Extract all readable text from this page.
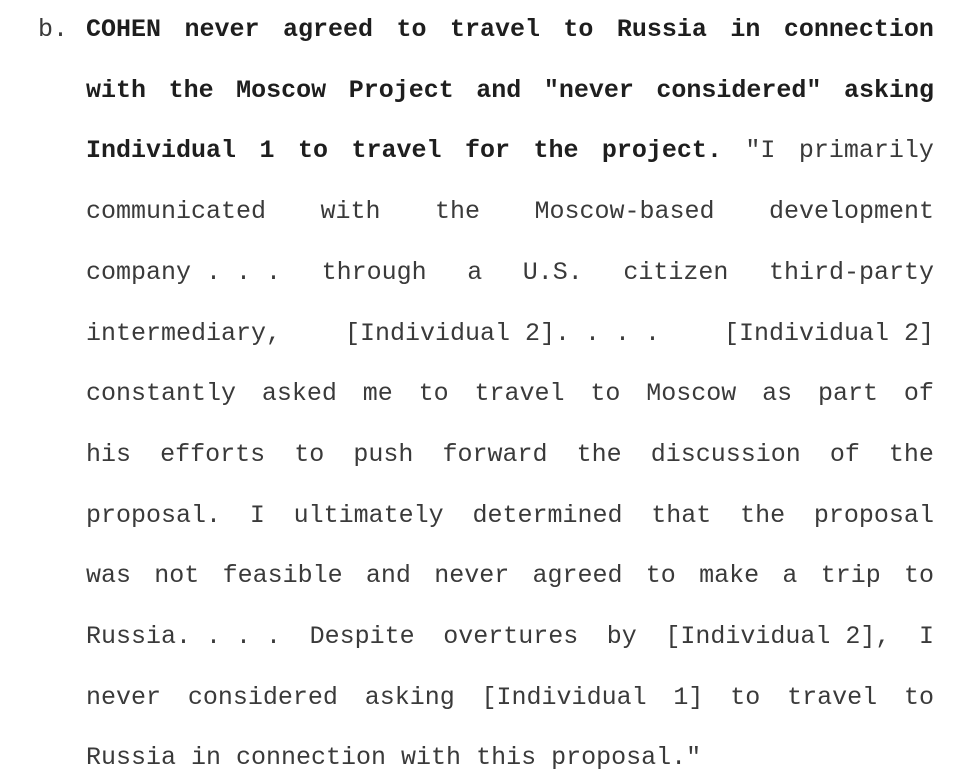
b. COHEN never agreed to travel to Russia in connection
with the Moscow Project and "never considered" asking
Individual 1 to travel for the project. "I primarily
communicated with the Moscow-based development
company . . . through a U.S. citizen third-party
intermediary,	[Individual 2]. . . .	[Individual 2]
constantly asked me to travel to Moscow as part of
his efforts to push forward the discussion of the
proposal. I ultimately determined that the proposal
was not feasible and never agreed to make a trip to
Russia. . . . Despite overtures by [Individual 2], I
never considered asking [Individual 1] to travel to
Russia in connection with this proposal."
